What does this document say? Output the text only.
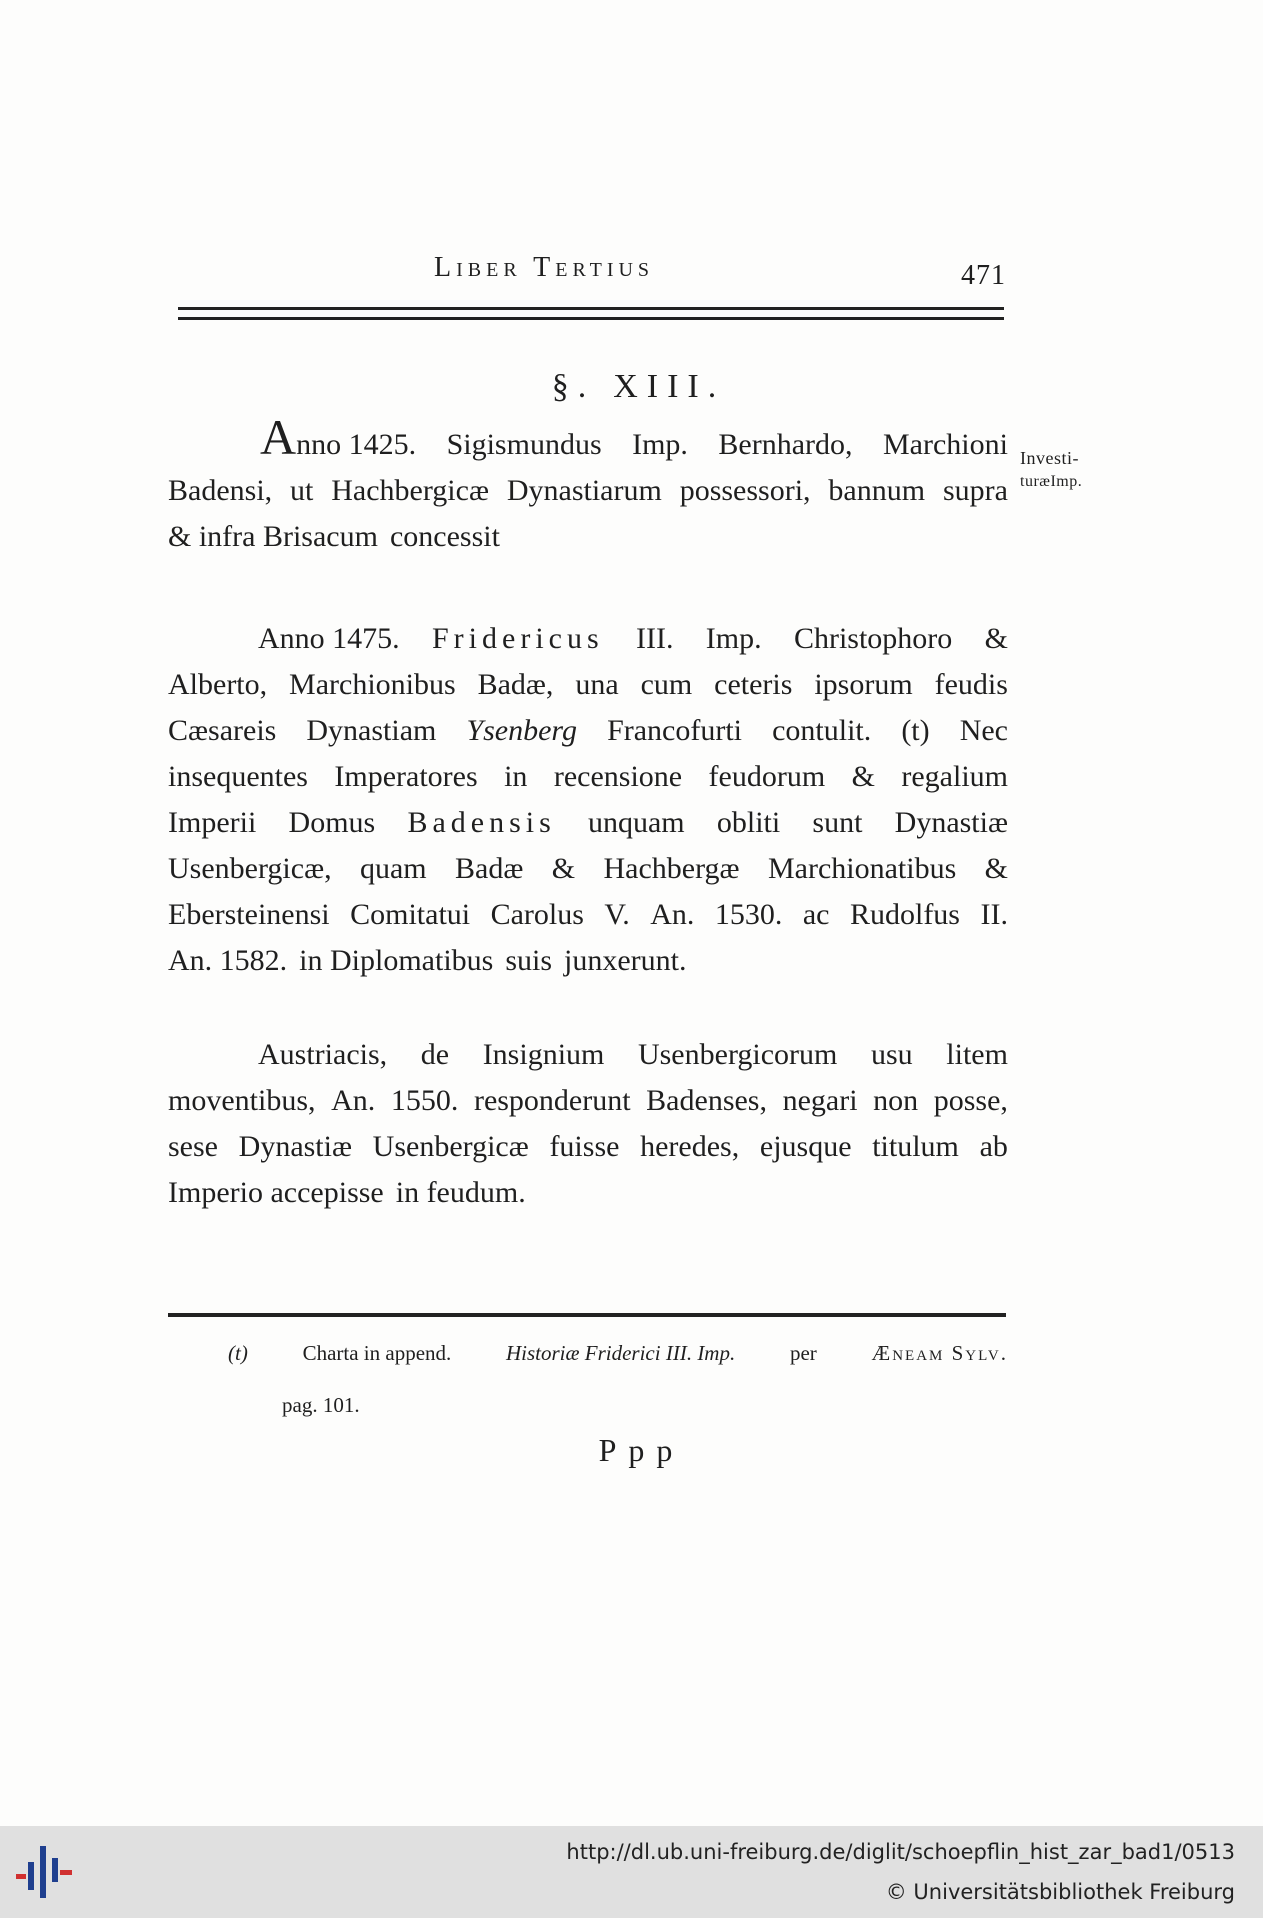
Liber Tertius	471
§. XIII.
Investi-
turæImp.
Anno 1425. Sigismundus Imp. Bernhardo, Marchioni
Badensi, ut Hachbergicæ Dynastiarum possessori, bannum supra
& infra Brisacum concessit
Anno 1475. Fridericus III. Imp. Christophoro &
Alberto, Marchionibus Badæ, una cum ceteris ipsorum feudis
Cæsareis Dynastiam Ysenberg Francofurti contulit. (t) Nec
insequentes Imperatores in recensione feudorum & regalium
Imperii Domus Badensis unquam obliti sunt Dynastiæ
Usenbergicæ, quam Badæ & Hachbergæ Marchionatibus &
Ebersteinensi Comitatui Carolus V. An. 1530. ac Rudolfus II.
An. 1582. in Diplomatibus suis junxerunt.
Austriacis, de Insignium Usenbergicorum usu litem
moventibus, An. 1550. responderunt Badenses, negari non posse,
sese Dynastiæ Usenbergicæ fuisse heredes, ejusque titulum ab
Imperio accepisse in feudum.
(t)	Charta in append.	Historiæ Friderici III. Imp.	per	Æneam Sylv.
pag. 101.
Ppp
http://dl.ub.uni-freiburg.de/diglit/schoepflin_hist_zar_bad1/0513
© Universitätsbibliothek Freiburg
